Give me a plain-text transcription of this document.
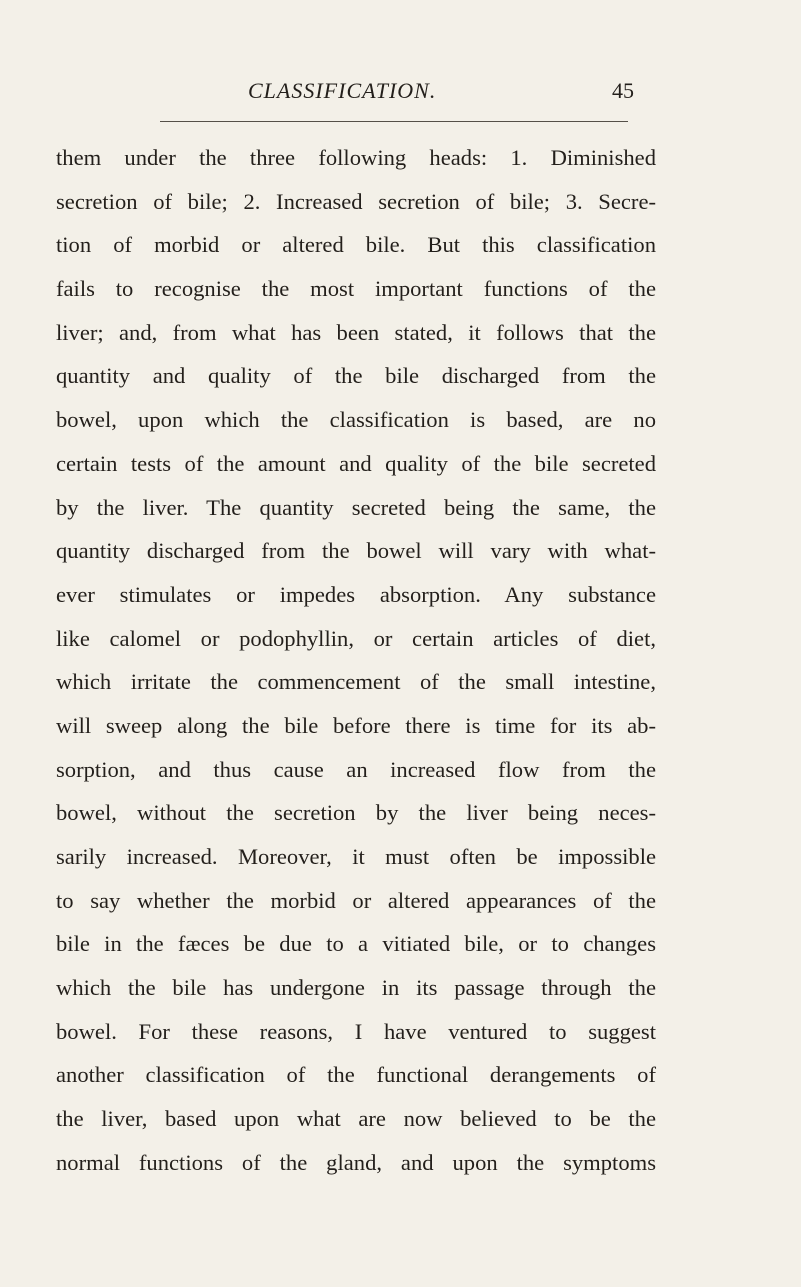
CLASSIFICATION.	45
them under the three following heads: 1. Diminished
secretion of bile; 2. Increased secretion of bile; 3. Secre-
tion of morbid or altered bile. But this classification
fails to recognise the most important functions of the
liver; and, from what has been stated, it follows that the
quantity and quality of the bile discharged from the
bowel, upon which the classification is based, are no
certain tests of the amount and quality of the bile secreted
by the liver. The quantity secreted being the same, the
quantity discharged from the bowel will vary with what-
ever stimulates or impedes absorption. Any substance
like calomel or podophyllin, or certain articles of diet,
which irritate the commencement of the small intestine,
will sweep along the bile before there is time for its ab-
sorption, and thus cause an increased flow from the
bowel, without the secretion by the liver being neces-
sarily increased. Moreover, it must often be impossible
to say whether the morbid or altered appearances of the
bile in the fæces be due to a vitiated bile, or to changes
which the bile has undergone in its passage through the
bowel. For these reasons, I have ventured to suggest
another classification of the functional derangements of
the liver, based upon what are now believed to be the
normal functions of the gland, and upon the symptoms
